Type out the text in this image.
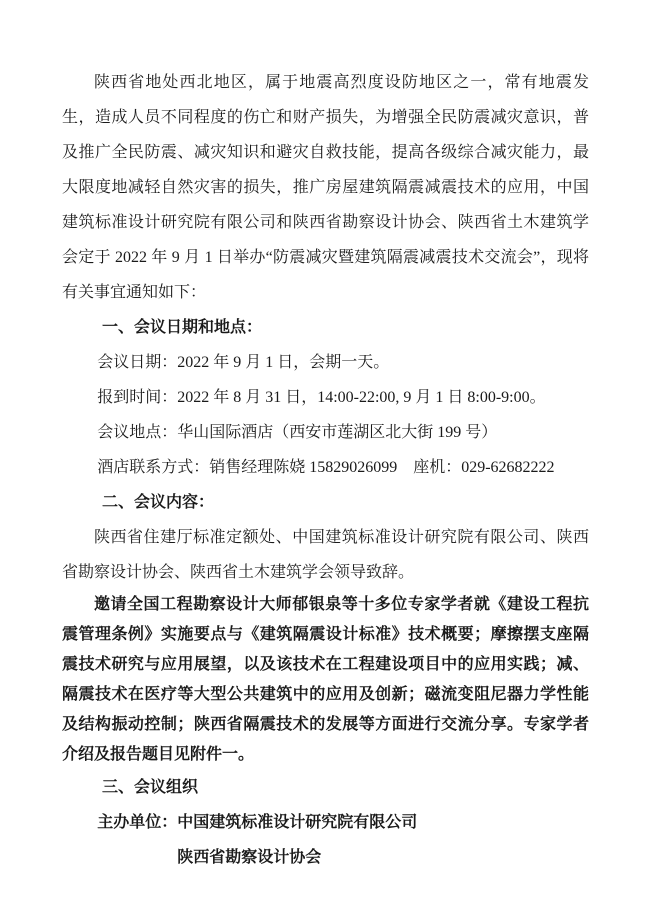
陕西省地处西北地区，属于地震高烈度设防地区之一，常有地震发生，造成人员不同程度的伤亡和财产损失，为增强全民防震减灾意识，普及推广全民防震、减灾知识和避灾自救技能，提高各级综合减灾能力，最大限度地减轻自然灾害的损失，推广房屋建筑隔震减震技术的应用，中国建筑标准设计研究院有限公司和陕西省勘察设计协会、陕西省土木建筑学会定于 2022 年 9 月 1 日举办“防震减灾暨建筑隔震减震技术交流会”，现将有关事宜通知如下：

一、会议日期和地点：

会议日期：2022 年 9 月 1 日，会期一天。

报到时间：2022 年 8 月 31 日，14:00-22:00, 9 月 1 日 8:00-9:00。

会议地点：华山国际酒店（西安市莲湖区北大街 199 号）

酒店联系方式：销售经理陈娆 15829026099　座机：029-62682222

二、会议内容：

陕西省住建厅标准定额处、中国建筑标准设计研究院有限公司、陕西省勘察设计协会、陕西省土木建筑学会领导致辞。

邀请全国工程勘察设计大师郁银泉等十多位专家学者就《建设工程抗震管理条例》实施要点与《建筑隔震设计标准》技术概要；摩擦摆支座隔震技术研究与应用展望，以及该技术在工程建设项目中的应用实践；减、隔震技术在医疗等大型公共建筑中的应用及创新；磁流变阻尼器力学性能及结构振动控制；陕西省隔震技术的发展等方面进行交流分享。专家学者介绍及报告题目见附件一。

三、会议组织

主办单位：中国建筑标准设计研究院有限公司

陕西省勘察设计协会
